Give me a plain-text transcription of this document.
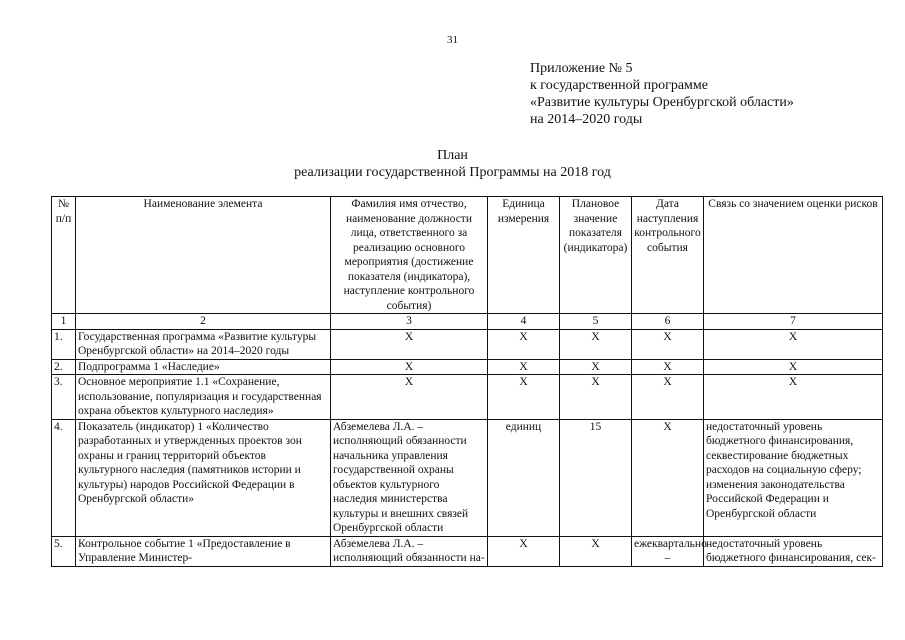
31
Приложение № 5
к государственной программе
«Развитие культуры Оренбургской области»
на 2014–2020 годы
План
реализации государственной Программы на 2018 год
№ п/п	Наименование элемента	Фамилия имя отчество, наименование должности лица, ответственного за реализацию основного мероприятия (достижение показателя (индикатора), наступление контрольного события)	Единица измерения	Плановое значение показателя (индикатора)	Дата наступления контрольного события	Связь со значением оценки рисков
1	2	3	4	5	6	7
1.	Государственная программа «Развитие культуры Оренбургской области» на 2014–2020 годы	Х	Х	Х	Х	Х
2.	Подпрограмма 1 «Наследие»	Х	Х	Х	Х	Х
3.	Основное мероприятие 1.1 «Сохранение, использование, популяризация и государственная охрана объектов культурного наследия»	Х	Х	Х	Х	Х
4.	Показатель (индикатор) 1 «Количество разработанных и утвержденных проектов зон охраны и границ территорий объектов культурного наследия (памятников истории и культуры) народов Российской Федерации в Оренбургской области»	Абземелева Л.А. – исполняющий обязанности начальника управления государственной охраны объектов культурного наследия министерства культуры и внешних связей Оренбургской области	единиц	15	Х	недостаточный уровень бюджетного финансирования, секвестирование бюджетных расходов на социальную сферу; изменения законодательства Российской Федерации и Оренбургской области
5.	Контрольное событие 1 «Предоставление в Управление Министер-	Абземелева Л.А. – исполняющий обязанности на-	Х	Х	ежеквартально –	недостаточный уровень бюджетного финансирования, сек-
